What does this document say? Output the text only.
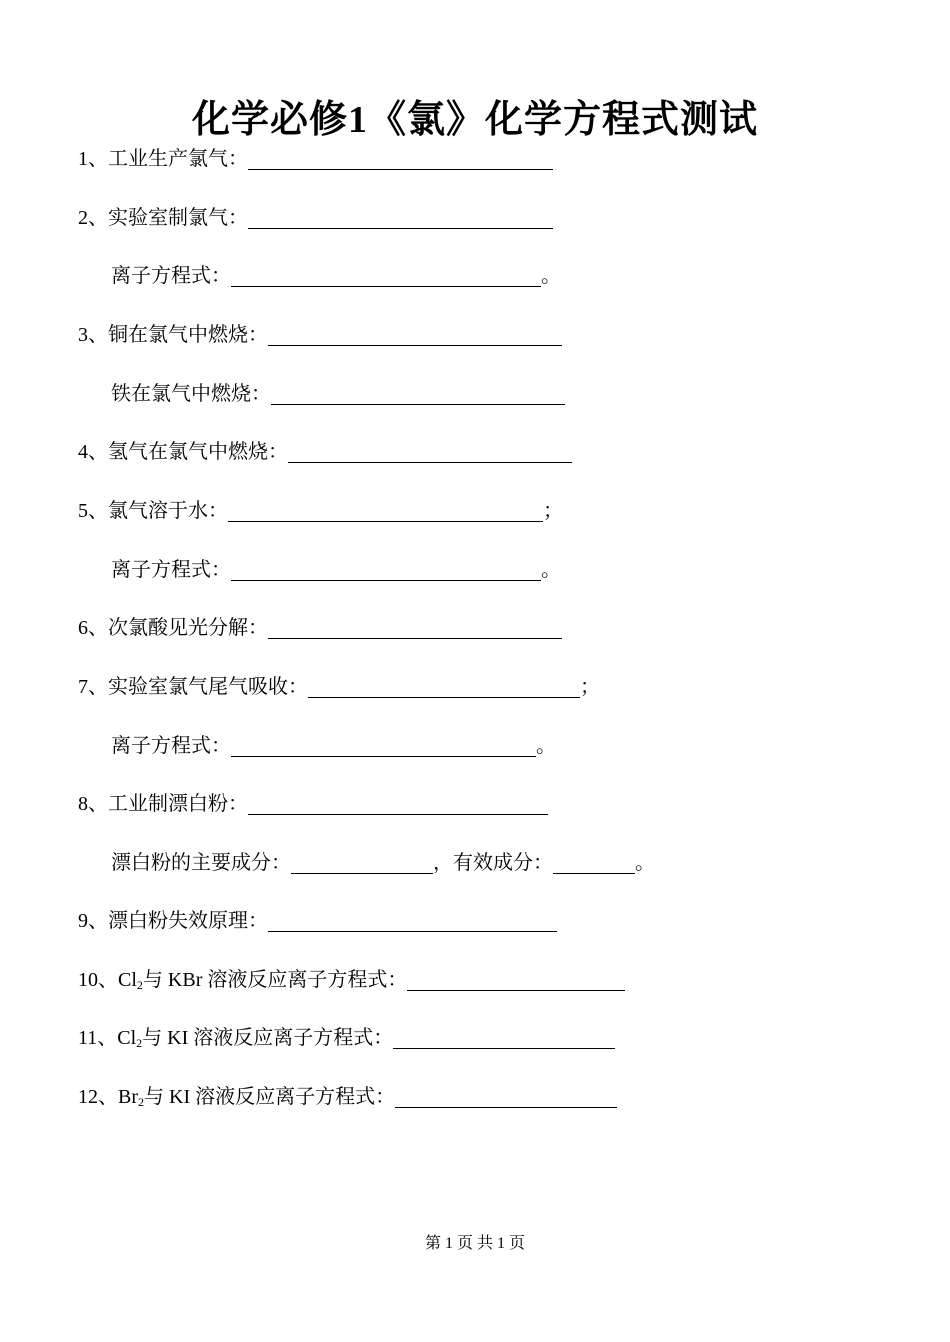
化学必修1《氯》化学方程式测试
1、 工业生产氯气：
2、 实验室制氯气：
离子方程式：	。
3、 铜在氯气中燃烧：
铁在氯气中燃烧：
4、 氢气在氯气中燃烧：
5、 氯气溶于水：	；
离子方程式：	。
6、 次氯酸见光分解：
7、 实验室氯气尾气吸收：	；
离子方程式：	。
8、 工业制漂白粉：
漂白粉的主要成分：	，有效成分：	。
9、 漂白粉失效原理：
10、 $Cl_2$ 与 KBr 溶液反应离子方程式：
11、 $Cl_2$ 与 KI 溶液反应离子方程式：
12、 $Br_2$ 与 KI 溶液反应离子方程式：
第 1 页 共 1 页
